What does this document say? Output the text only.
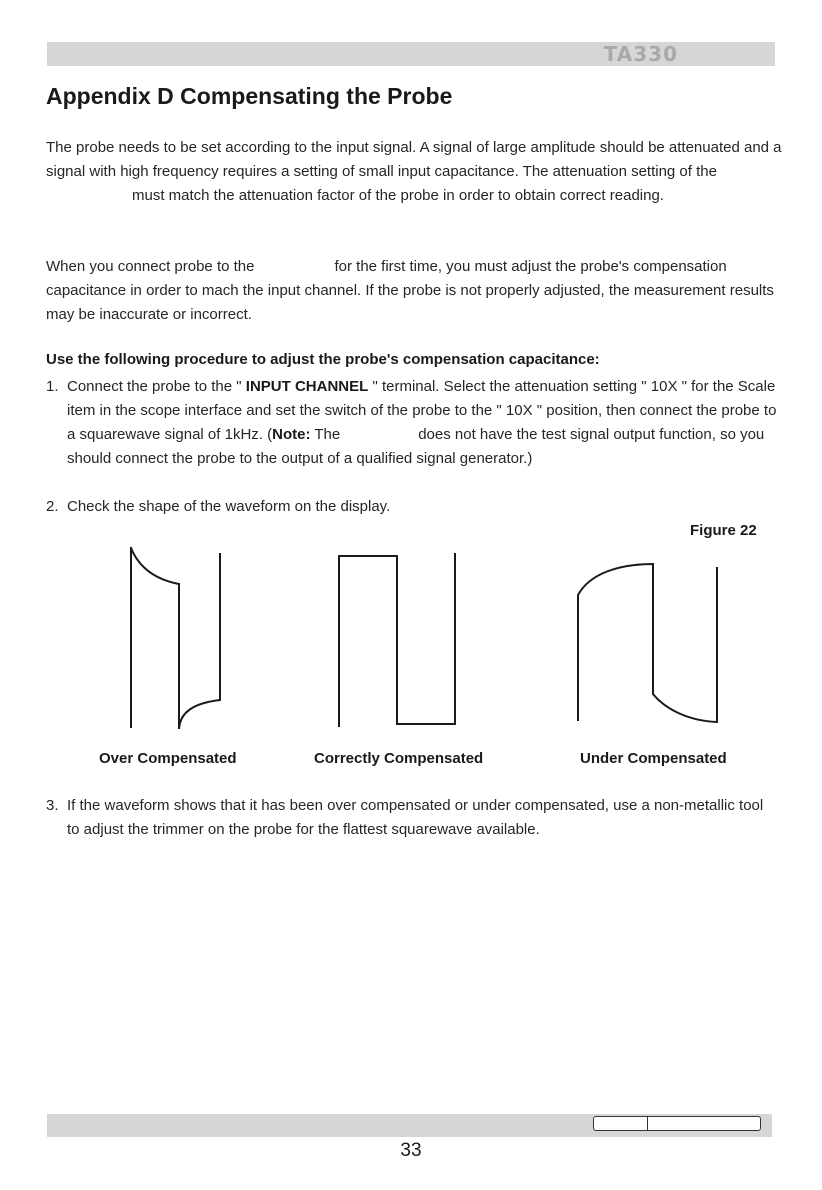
TA330
Appendix D Compensating the Probe

The probe needs to be set according to the input signal. A signal of large amplitude should be attenuated and a signal with high frequency requires a setting of small input capacitance. The attenuation setting of themust match the attenuation factor of the probe in order to obtain correct reading.

When you connect probe to the	for the first time, you must adjust the probe's compensation capacitance in order to mach the input channel. If the probe is not properly adjusted, the measurement results may be inaccurate or incorrect.

Use the following procedure to adjust the probe's compensation capacitance:

1. Connect the probe to the " INPUT CHANNEL " terminal. Select the attenuation setting " 10X " for the Scale item in the scope interface and set the switch of the probe to the " 10X " position, then connect the probe to a squarewave signal of 1kHz. (Note: The	does not have the test signal output function, so you should connect the probe to the output of a qualified signal generator.)
2. Check the shape of the waveform on the display.
Figure 22
Over Compensated	Correctly Compensated	Under Compensated
3. If the waveform shows that it has been over compensated or under compensated, use a non-metallic tool to adjust the trimmer on the probe for the flattest squarewave available.
33
